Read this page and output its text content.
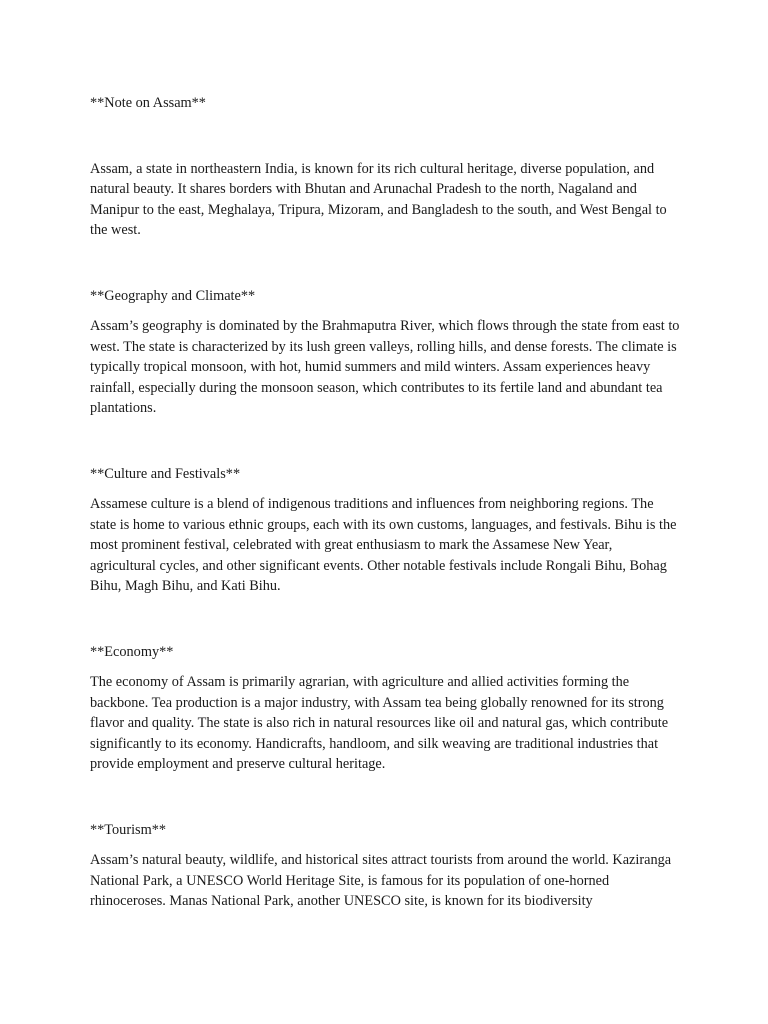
**Note on Assam**

Assam, a state in northeastern India, is known for its rich cultural heritage, diverse population, and natural beauty. It shares borders with Bhutan and Arunachal Pradesh to the north, Nagaland and Manipur to the east, Meghalaya, Tripura, Mizoram, and Bangladesh to the south, and West Bengal to the west.

**Geography and Climate**

Assam’s geography is dominated by the Brahmaputra River, which flows through the state from east to west. The state is characterized by its lush green valleys, rolling hills, and dense forests. The climate is typically tropical monsoon, with hot, humid summers and mild winters. Assam experiences heavy rainfall, especially during the monsoon season, which contributes to its fertile land and abundant tea plantations.

**Culture and Festivals**

Assamese culture is a blend of indigenous traditions and influences from neighboring regions. The state is home to various ethnic groups, each with its own customs, languages, and festivals. Bihu is the most prominent festival, celebrated with great enthusiasm to mark the Assamese New Year, agricultural cycles, and other significant events. Other notable festivals include Rongali Bihu, Bohag Bihu, Magh Bihu, and Kati Bihu.

**Economy**

The economy of Assam is primarily agrarian, with agriculture and allied activities forming the backbone. Tea production is a major industry, with Assam tea being globally renowned for its strong flavor and quality. The state is also rich in natural resources like oil and natural gas, which contribute significantly to its economy. Handicrafts, handloom, and silk weaving are traditional industries that provide employment and preserve cultural heritage.

**Tourism**

Assam’s natural beauty, wildlife, and historical sites attract tourists from around the world. Kaziranga National Park, a UNESCO World Heritage Site, is famous for its population of one-horned rhinoceroses. Manas National Park, another UNESCO site, is known for its biodiversity
